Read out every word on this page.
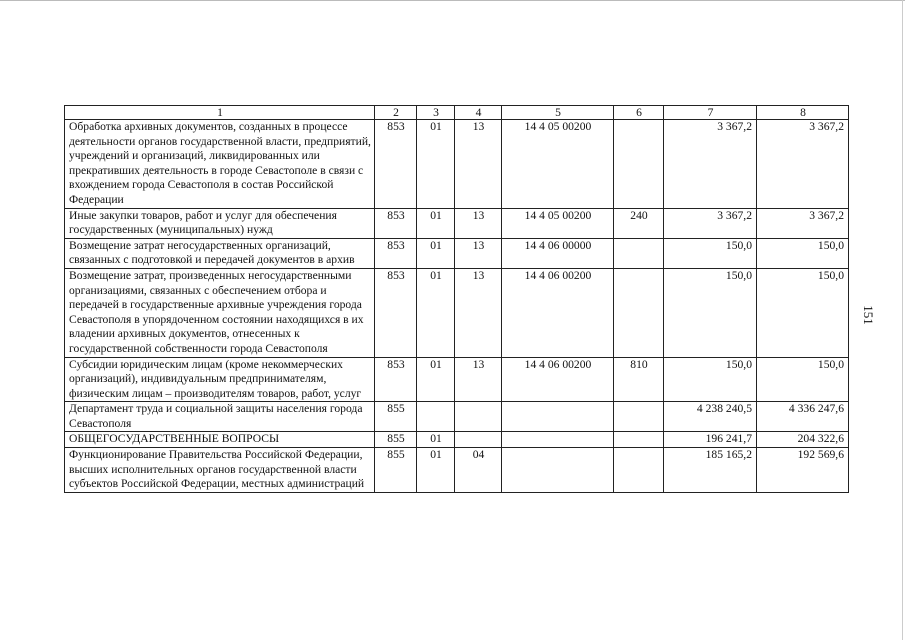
1	2	3	4	5	6	7	8
Обработка архивных документов, созданных в процессе деятельности органов государственной власти, предприятий, учреждений и организаций, ликвидированных или прекративших деятельность в городе Севастополе в связи с вхождением города Севастополя в состав Российской Федерации	853	01	13	14 4 05 00200		3 367,2	3 367,2
Иные закупки товаров, работ и услуг для обеспечения государственных (муниципальных) нужд	853	01	13	14 4 05 00200	240	3 367,2	3 367,2
Возмещение затрат негосударственных организаций, связанных с подготовкой и передачей документов в архив	853	01	13	14 4 06 00000		150,0	150,0
Возмещение затрат, произведенных негосударственными организациями, связанных с обеспечением отбора и передачей в государственные архивные учреждения города Севастополя в упорядоченном состоянии находящихся в их владении архивных документов, отнесенных к государственной собственности города Севастополя	853	01	13	14 4 06 00200		150,0	150,0
Субсидии юридическим лицам (кроме некоммерческих организаций), индивидуальным предпринимателям, физическим лицам – производителям товаров, работ, услуг	853	01	13	14 4 06 00200	810	150,0	150,0
Департамент труда и социальной защиты населения города Севастополя	855					4 238 240,5	4 336 247,6
ОБЩЕГОСУДАРСТВЕННЫЕ ВОПРОСЫ	855	01				196 241,7	204 322,6
Функционирование Правительства Российской Федерации, высших исполнительных органов государственной власти субъектов Российской Федерации, местных администраций	855	01	04			185 165,2	192 569,6
151
